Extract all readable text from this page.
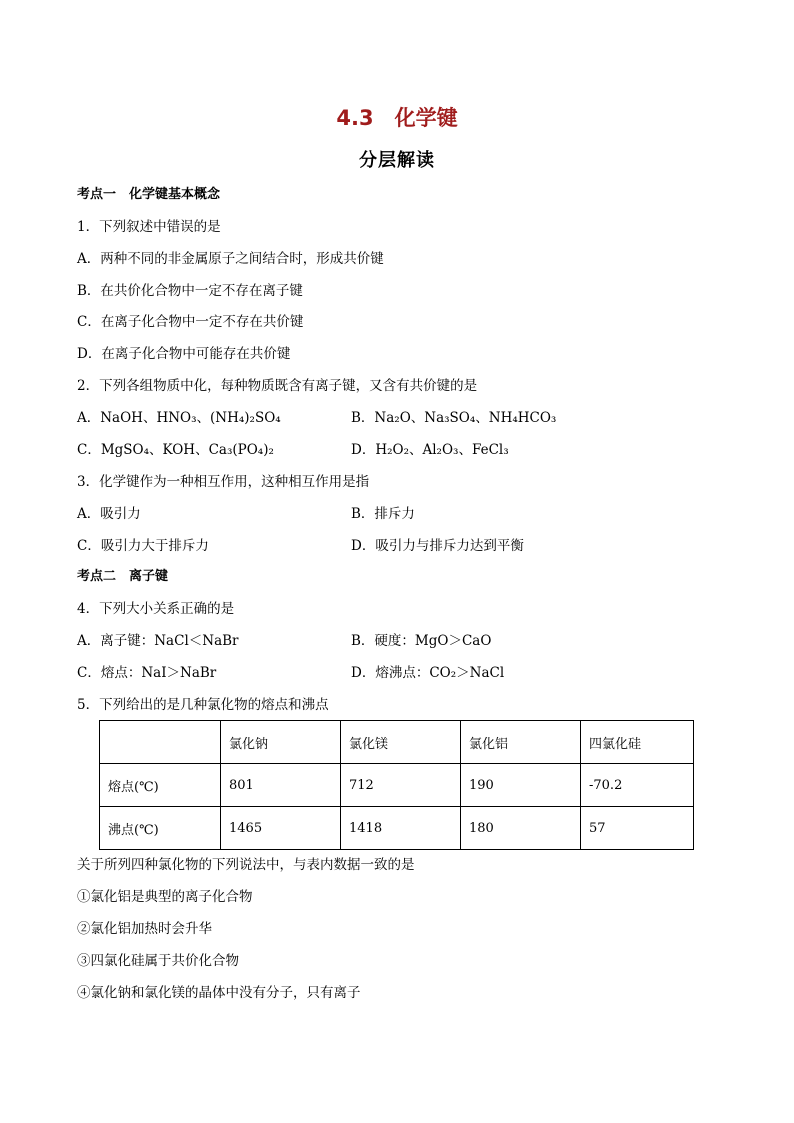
4.3　化学键
分层解读
考点一　化学键基本概念
1．下列叙述中错误的是
A．两种不同的非金属原子之间结合时，形成共价键
B．在共价化合物中一定不存在离子键
C．在离子化合物中一定不存在共价键
D．在离子化合物中可能存在共价键
2．下列各组物质中化，每种物质既含有离子键，又含有共价键的是
A．NaOH、HNO₃、(NH₄)₂SO₄	B．Na₂O、Na₃SO₄、NH₄HCO₃
C．MgSO₄、KOH、Ca₃(PO₄)₂	D．H₂O₂、Al₂O₃、FeCl₃
3．化学键作为一种相互作用，这种相互作用是指
A．吸引力	B．排斥力
C．吸引力大于排斥力	D．吸引力与排斥力达到平衡
考点二　离子键
4．下列大小关系正确的是
A．离子键：NaCl＜NaBr	B．硬度：MgO＞CaO
C．熔点：NaI＞NaBr	D．熔沸点：CO₂＞NaCl
5．下列给出的是几种氯化物的熔点和沸点
	氯化钠	氯化镁	氯化铝	四氯化硅
熔点(℃)	801	712	190	-70.2
沸点(℃)	1465	1418	180	57
关于所列四种氯化物的下列说法中，与表内数据一致的是
①氯化铝是典型的离子化合物
②氯化铝加热时会升华
③四氯化硅属于共价化合物
④氯化钠和氯化镁的晶体中没有分子，只有离子
